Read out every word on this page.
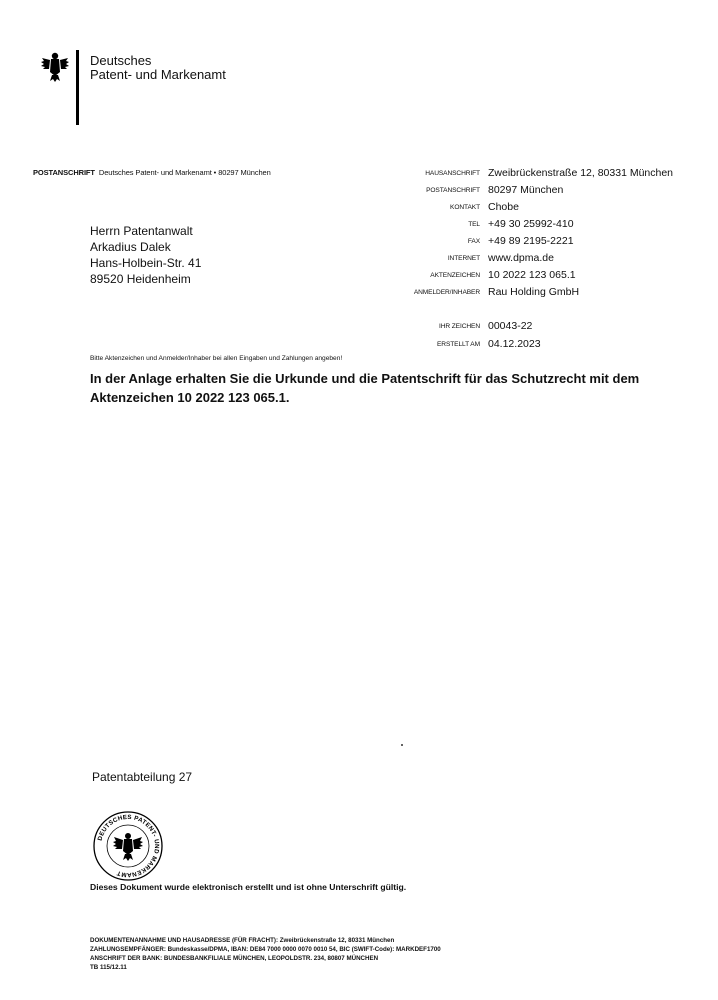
Deutsches
Patent- und Markenamt
POSTANSCHRIFT Deutsches Patent- und Markenamt • 80297 München
Herrn Patentanwalt
Arkadius Dalek
Hans-Holbein-Str. 41
89520 Heidenheim
HAUSANSCHRIFT Zweibrückenstraße 12, 80331 München
POSTANSCHRIFT 80297 München
KONTAKT Chobe
TEL +49 30 25992-410
FAX +49 89 2195-2221
INTERNET www.dpma.de
AKTENZEICHEN 10 2022 123 065.1
ANMELDER/INHABER Rau Holding GmbH
IHR ZEICHEN 00043-22
ERSTELLT AM 04.12.2023
Bitte Aktenzeichen und Anmelder/Inhaber bei allen Eingaben und Zahlungen angeben!
In der Anlage erhalten Sie die Urkunde und die Patentschrift für das Schutzrecht mit dem
Aktenzeichen 10 2022 123 065.1.
Patentabteilung 27
DEUTSCHES PATENT- UND MARKENAMT
Dieses Dokument wurde elektronisch erstellt und ist ohne Unterschrift gültig.
DOKUMENTENANNAHME UND HAUSADRESSE (FÜR FRACHT): Zweibrückenstraße 12, 80331 München
ZAHLUNGSEMPFÄNGER: Bundeskasse/DPMA, IBAN: DE84 7000 0000 0070 0010 54, BIC (SWIFT-Code): MARKDEF1700
ANSCHRIFT DER BANK: BUNDESBANKFILIALE MÜNCHEN, LEOPOLDSTR. 234, 80807 MÜNCHEN
TB 115/12.11
